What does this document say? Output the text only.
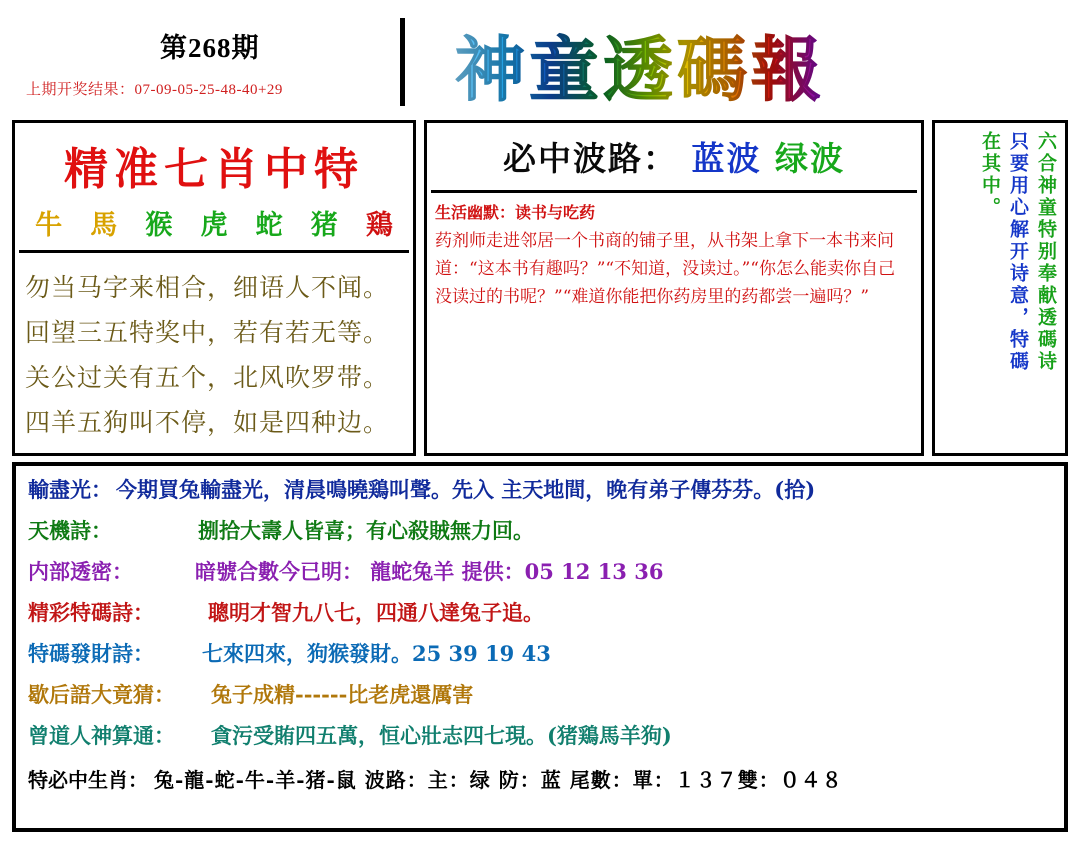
第268期
上期开奖结果：07-09-05-25-48-40+29 神童透碼報
精准七肖中特
牛 馬 猴 虎 蛇 猪 鶏
勿当马字来相合，细语人不闻。
回望三五特奖中，若有若无等。
关公过关有五个，北风吹罗带。
四羊五狗叫不停，如是四种边。
必中波路： 蓝波 绿波
生活幽默：读书与吃药
药剂师走进邻居一个书商的铺子里，从书架上拿下一本书来问道：“这本书有趣吗？”“不知道，没读过。”“你怎么能卖你自己没读过的书呢？”“难道你能把你药房里的药都尝一遍吗？”	六合神童特别奉献透碼诗
只要用心解开诗意，特碼
在其中。
輸盡光： 今期買兔輸盡光，清晨鳴曉鶏叫聲。先入 主天地間，晚有弟子傳芬芬。(拾)
天機詩：	捌拾大壽人皆喜；有心殺賊無力回。
内部透密：	暗號合數今已明： 龍蛇兔羊 提供：05 12 13 36
精彩特碼詩：	聰明才智九八七，四通八達兔子追。
特碼發財詩： 七來四來，狗猴發財。25 39 19 43
歇后語大竟猜： 兔子成精------比老虎還厲害
曾道人神算通： 貪污受賄四五萬，恒心壯志四七現。(猪鶏馬羊狗)
特必中生肖： 兔-龍-蛇-牛-羊-猪-鼠 波路：主：绿 防：蓝 尾數：單：１３７雙：０４８
